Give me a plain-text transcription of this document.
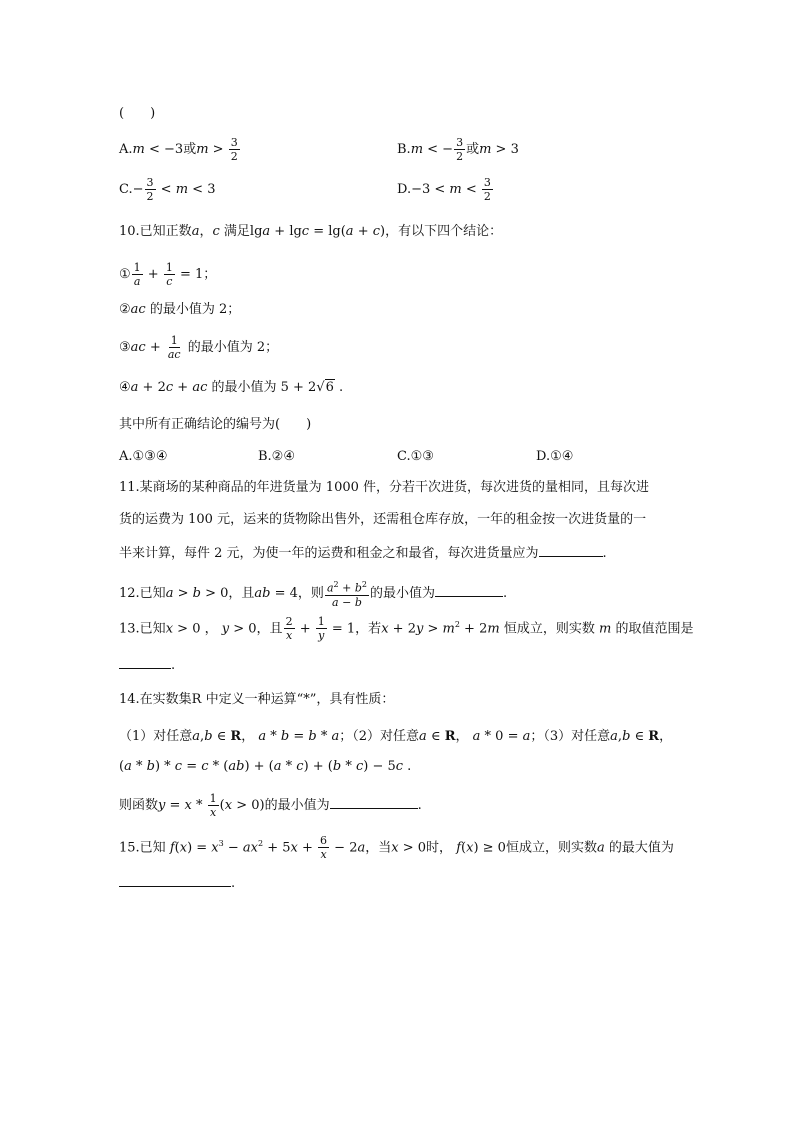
(　　)
A.m < −3或$m > \frac{3}{2}$	B.m < − $\frac{3}{2}$ 或m > 3
$C.- \frac{3}{2} < m < 3$	$D.-3 < m < \frac{3}{2}$
10.已知正数a，c 满足lga + lgc = lg(a + c)，有以下四个结论：
① $\frac{1}{a} + \frac{1}{c} = 1$；
②ac 的最小值为 2；
③ac + $\frac{1}{ac}$ 的最小值为 2；
④a + 2c + ac 的最小值为 5 + 2√6 .
其中所有正确结论的编号为(　　)
A.①③④	B.②④	C.①③	D.①④
11.某商场的某种商品的年进货量为 1000 件，分若干次进货，每次进货的量相同，且每次进
货的运费为 100 元，运来的货物除出售外，还需租仓库存放，一年的租金按一次进货量的一
半来计算，每件 2 元，为使一年的运费和租金之和最省，每次进货量应为	.
12.已知a > b > 0，且ab = 4，则 $\frac{a^2 + b^2}{a - b}$ 的最小值为	.
13.已知x > 0 ， y > 0，且 $\frac{2}{x} + \frac{1}{y} = 1$，若$x + 2y > m^2 + 2m$ 恒成立，则实数 m 的取值范围是
.
14.在实数集R 中定义一种运算“*”，具有性质：
（1）对任意a,b ∈ R， a * b = b * a；（2）对任意a ∈ R， a * 0 = a；（3）对任意a,b ∈ R，
(a * b) * c = c * (ab) + (a * c) + (b * c) − 5c .
则函数$y = x * \frac{1}{x} (x > 0)$的最小值为	.
15.已知 $f(x) = x^3 - ax^2 + 5x + \frac{6}{x} - 2a$，当x > 0时， f(x) ≥ 0恒成立，则实数a 的最大值为
.
